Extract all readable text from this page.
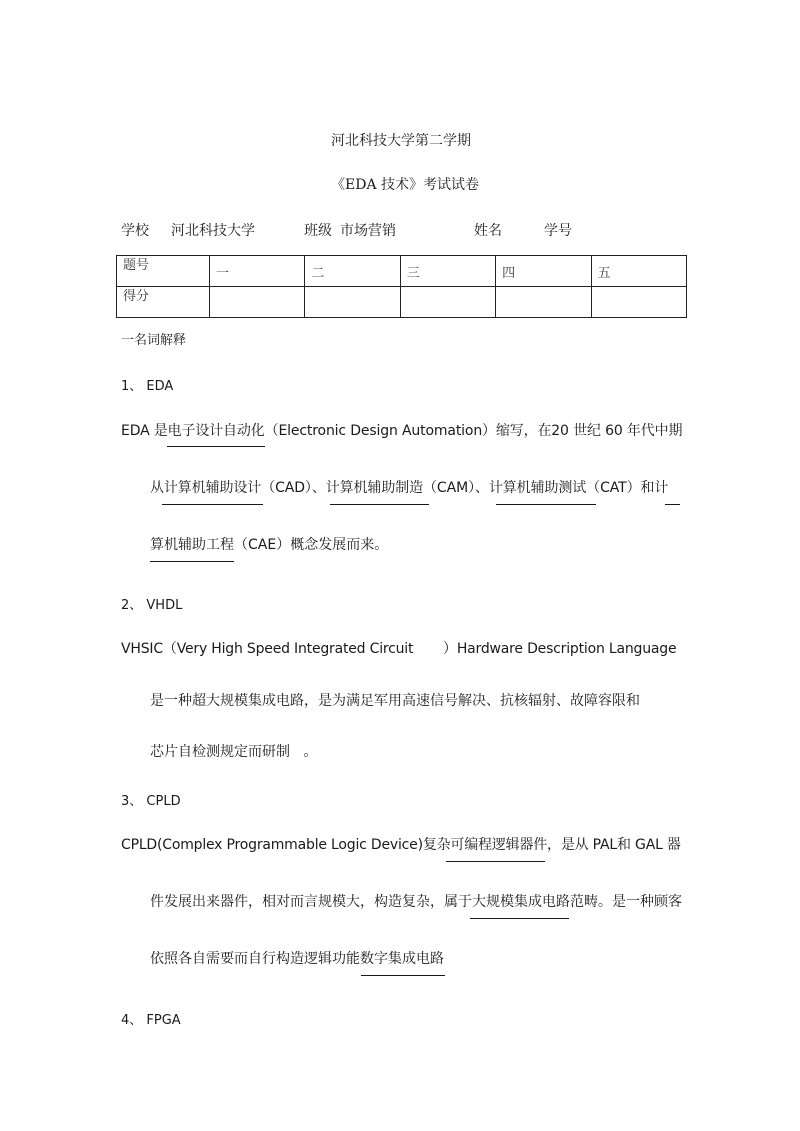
河北科技大学第二学期
《EDA 技术》考试试卷
学校 河北科技大学	班级 市场营销	姓名	学号
题号	一	二	三	四	五
得分					
一名词解释
1、 EDA
EDA 是电子设计自动化（Electronic Design Automation）缩写，在20 世纪 60 年代中期
从计算机辅助设计（CAD）、计算机辅助制造（CAM）、计算机辅助测试（CAT）和计
算机辅助工程（CAE）概念发展而来。
2、 VHDL
VHSIC（Very High Speed Integrated Circuit       ）Hardware Description Language
是一种超大规模集成电路，是为满足军用高速信号解决、抗核辐射、故障容限和
芯片自检测规定而研制   。
3、 CPLD
CPLD(Complex Programmable Logic Device)复杂可编程逻辑器件，是从 PAL和 GAL 器
件发展出来器件，相对而言规模大，构造复杂，属于大规模集成电路范畴。是一种顾客
依照各自需要而自行构造逻辑功能数字集成电路
4、 FPGA
